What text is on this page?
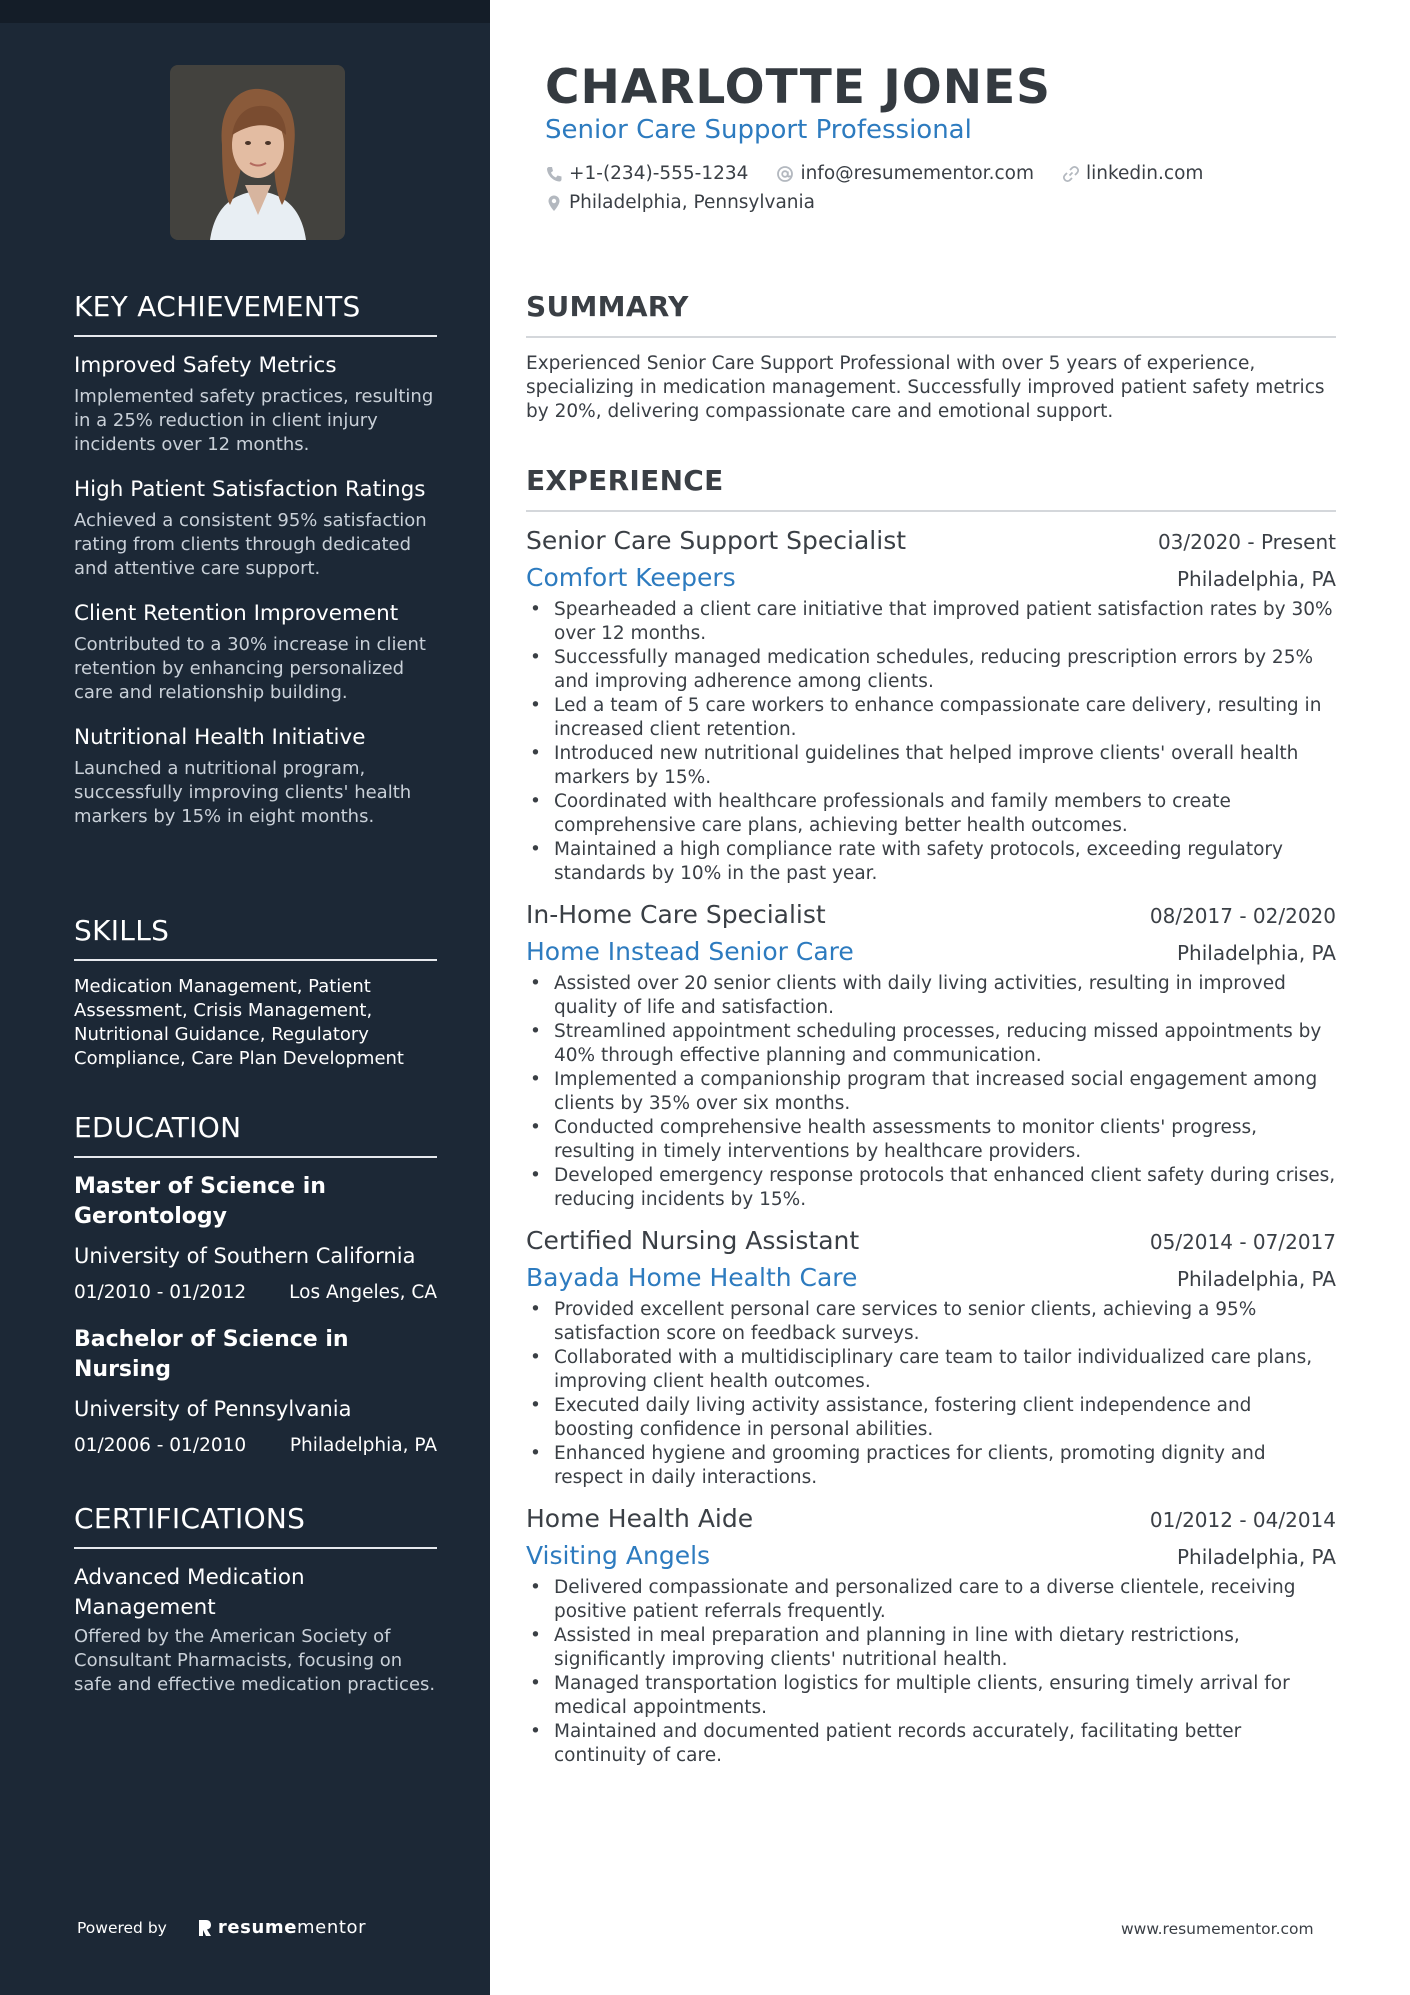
KEY ACHIEVEMENTS
Improved Safety Metrics
Implemented safety practices, resulting in a 25% reduction in client injury incidents over 12 months.
High Patient Satisfaction Ratings
Achieved a consistent 95% satisfaction rating from clients through dedicated and attentive care support.
Client Retention Improvement
Contributed to a 30% increase in client retention by enhancing personalized care and relationship building.
Nutritional Health Initiative
Launched a nutritional program, successfully improving clients' health markers by 15% in eight months.
SKILLS
Medication Management, Patient Assessment, Crisis Management, Nutritional Guidance, Regulatory Compliance, Care Plan Development
EDUCATION
Master of Science in Gerontology
University of Southern California
01/2010 - 01/2012 Los Angeles, CA
Bachelor of Science in Nursing
University of Pennsylvania
01/2006 - 01/2010 Philadelphia, PA
CERTIFICATIONS
Advanced Medication Management
Offered by the American Society of Consultant Pharmacists, focusing on safe and effective medication practices.
Powered by	resumementor
CHARLOTTE JONES
Senior Care Support Professional
+1-(234)-555-1234	info@resumementor.com	linkedin.com
Philadelphia, Pennsylvania
SUMMARY

Experienced Senior Care Support Professional with over 5 years of experience, specializing in medication management. Successfully improved patient safety metrics by 20%, delivering compassionate care and emotional support.

EXPERIENCE
Senior Care Support Specialist	03/2020 - Present
Comfort Keepers	Philadelphia, PA
• Spearheaded a client care initiative that improved patient satisfaction rates by 30% over 12 months.
• Successfully managed medication schedules, reducing prescription errors by 25% and improving adherence among clients.
• Led a team of 5 care workers to enhance compassionate care delivery, resulting in increased client retention.
• Introduced new nutritional guidelines that helped improve clients' overall health markers by 15%.
• Coordinated with healthcare professionals and family members to create comprehensive care plans, achieving better health outcomes.
• Maintained a high compliance rate with safety protocols, exceeding regulatory standards by 10% in the past year.
In-Home Care Specialist	08/2017 - 02/2020
Home Instead Senior Care	Philadelphia, PA
• Assisted over 20 senior clients with daily living activities, resulting in improved quality of life and satisfaction.
• Streamlined appointment scheduling processes, reducing missed appointments by 40% through effective planning and communication.
• Implemented a companionship program that increased social engagement among clients by 35% over six months.
• Conducted comprehensive health assessments to monitor clients' progress, resulting in timely interventions by healthcare providers.
• Developed emergency response protocols that enhanced client safety during crises, reducing incidents by 15%.
Certified Nursing Assistant	05/2014 - 07/2017
Bayada Home Health Care	Philadelphia, PA
• Provided excellent personal care services to senior clients, achieving a 95% satisfaction score on feedback surveys.
• Collaborated with a multidisciplinary care team to tailor individualized care plans, improving client health outcomes.
• Executed daily living activity assistance, fostering client independence and boosting confidence in personal abilities.
• Enhanced hygiene and grooming practices for clients, promoting dignity and respect in daily interactions.
Home Health Aide	01/2012 - 04/2014
Visiting Angels	Philadelphia, PA
• Delivered compassionate and personalized care to a diverse clientele, receiving positive patient referrals frequently.
• Assisted in meal preparation and planning in line with dietary restrictions, significantly improving clients' nutritional health.
• Managed transportation logistics for multiple clients, ensuring timely arrival for medical appointments.
• Maintained and documented patient records accurately, facilitating better continuity of care.
www.resumementor.com
